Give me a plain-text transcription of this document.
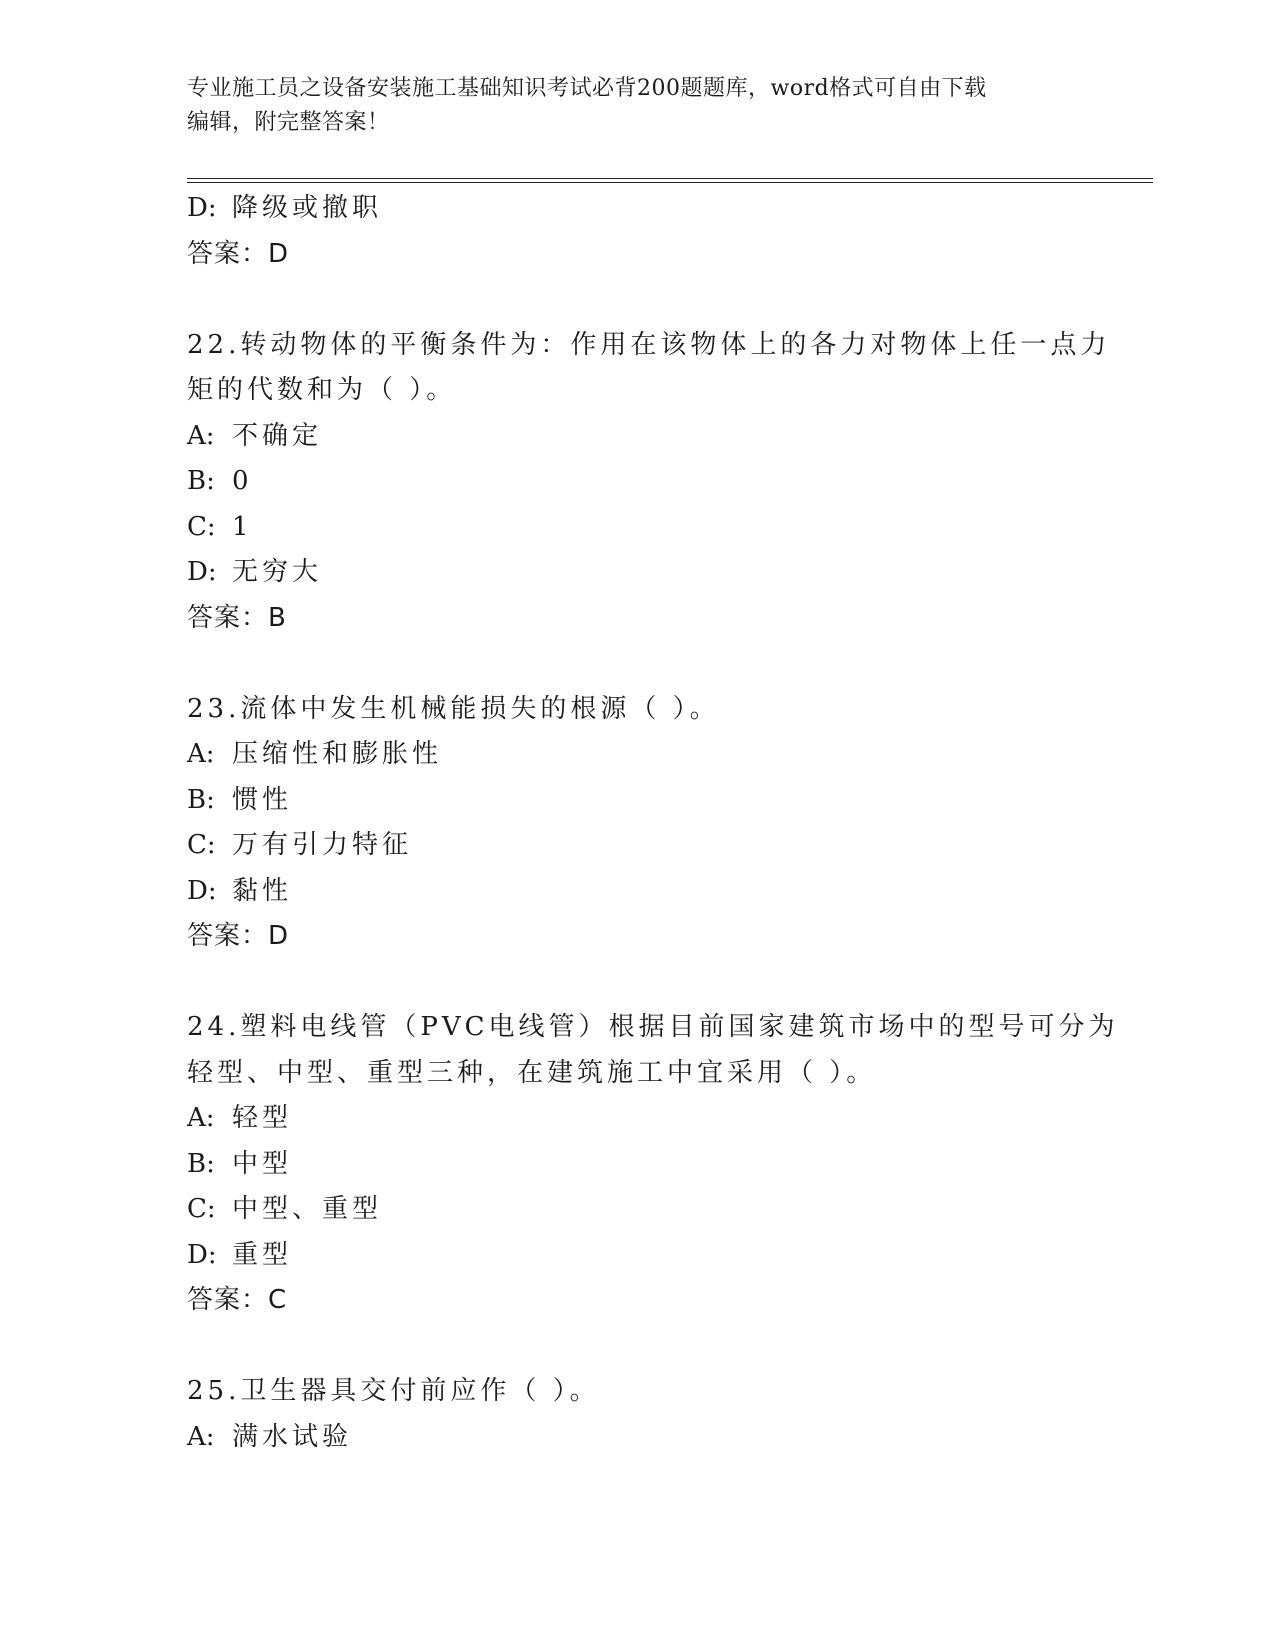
专业施工员之设备安装施工基础知识考试必背200题题库，word格式可自由下载
编辑，附完整答案！
D: 降级或撤职
答案：D
22.转动物体的平衡条件为：作用在该物体上的各力对物体上任一点力
矩的代数和为（ ）。
A: 不确定
B: 0
C: 1
D: 无穷大
答案：B
23.流体中发生机械能损失的根源（ ）。
A: 压缩性和膨胀性
B: 惯性
C: 万有引力特征
D: 黏性
答案：D
24.塑料电线管（PVC电线管）根据目前国家建筑市场中的型号可分为
轻型、中型、重型三种，在建筑施工中宜采用（ ）。
A: 轻型
B: 中型
C: 中型、重型
D: 重型
答案：C
25.卫生器具交付前应作（ ）。
A: 满水试验
